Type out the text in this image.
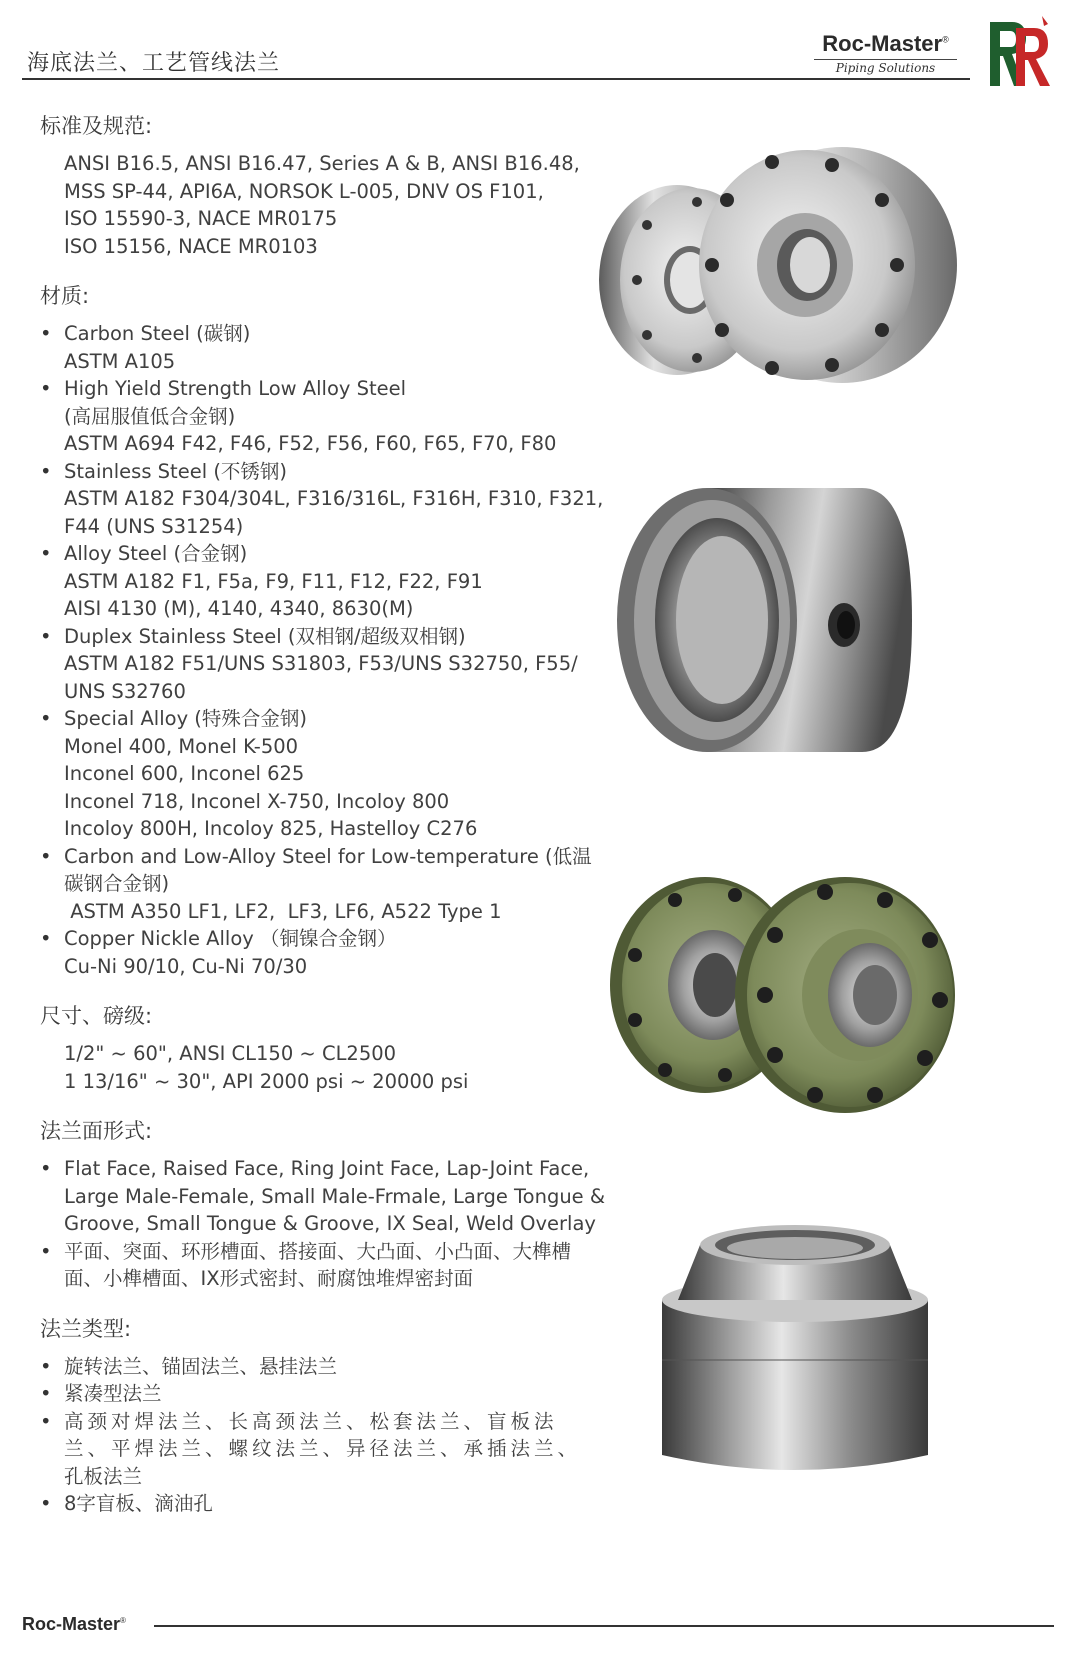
海底法兰、工艺管线法兰
Roc-Master®
Piping Solutions
标准及规范:
ANSI B16.5, ANSI B16.47, Series A & B, ANSI B16.48,
MSS SP-44, API6A, NORSOK L-005, DNV OS F101,
ISO 15590-3, NACE MR0175
ISO 15156, NACE MR0103
材质:
• Carbon Steel (碳钢)
ASTM A105
• High Yield Strength Low Alloy Steel
(高屈服值低合金钢)
ASTM A694 F42, F46, F52, F56, F60, F65, F70, F80
• Stainless Steel (不锈钢)
ASTM A182 F304/304L, F316/316L, F316H, F310, F321,
F44 (UNS S31254)
• Alloy Steel (合金钢)
ASTM A182 F1, F5a, F9, F11, F12, F22, F91
AISI 4130 (M), 4140, 4340, 8630(M)
• Duplex Stainless Steel (双相钢/超级双相钢)
ASTM A182 F51/UNS S31803, F53/UNS S32750, F55/
UNS S32760
• Special Alloy (特殊合金钢)
Monel 400, Monel K-500
Inconel 600, Inconel 625
Inconel 718, Inconel X-750, Incoloy 800
Incoloy 800H, Incoloy 825, Hastelloy C276
• Carbon and Low-Alloy Steel for Low-temperature (低温
碳钢合金钢)
ASTM A350 LF1, LF2,  LF3, LF6, A522 Type 1
• Copper Nickle Alloy （铜镍合金钢）
Cu-Ni 90/10, Cu-Ni 70/30
尺寸、磅级:
1/2" ~ 60", ANSI CL150 ~ CL2500
1 13/16" ~ 30", API 2000 psi ~ 20000 psi
法兰面形式:
• Flat Face, Raised Face, Ring Joint Face, Lap-Joint Face,
Large Male-Female, Small Male-Frmale, Large Tongue &
Groove, Small Tongue & Groove, IX Seal, Weld Overlay
• 平面、突面、环形槽面、搭接面、大凸面、小凸面、大榫槽
面、小榫槽面、IX形式密封、耐腐蚀堆焊密封面
法兰类型:
• 旋转法兰、锚固法兰、悬挂法兰
• 紧凑型法兰
• 高颈对焊法兰、长高颈法兰、松套法兰、盲板法
兰、平焊法兰、螺纹法兰、异径法兰、承插法兰、
孔板法兰
• 8字盲板、滴油孔
Roc-Master®
